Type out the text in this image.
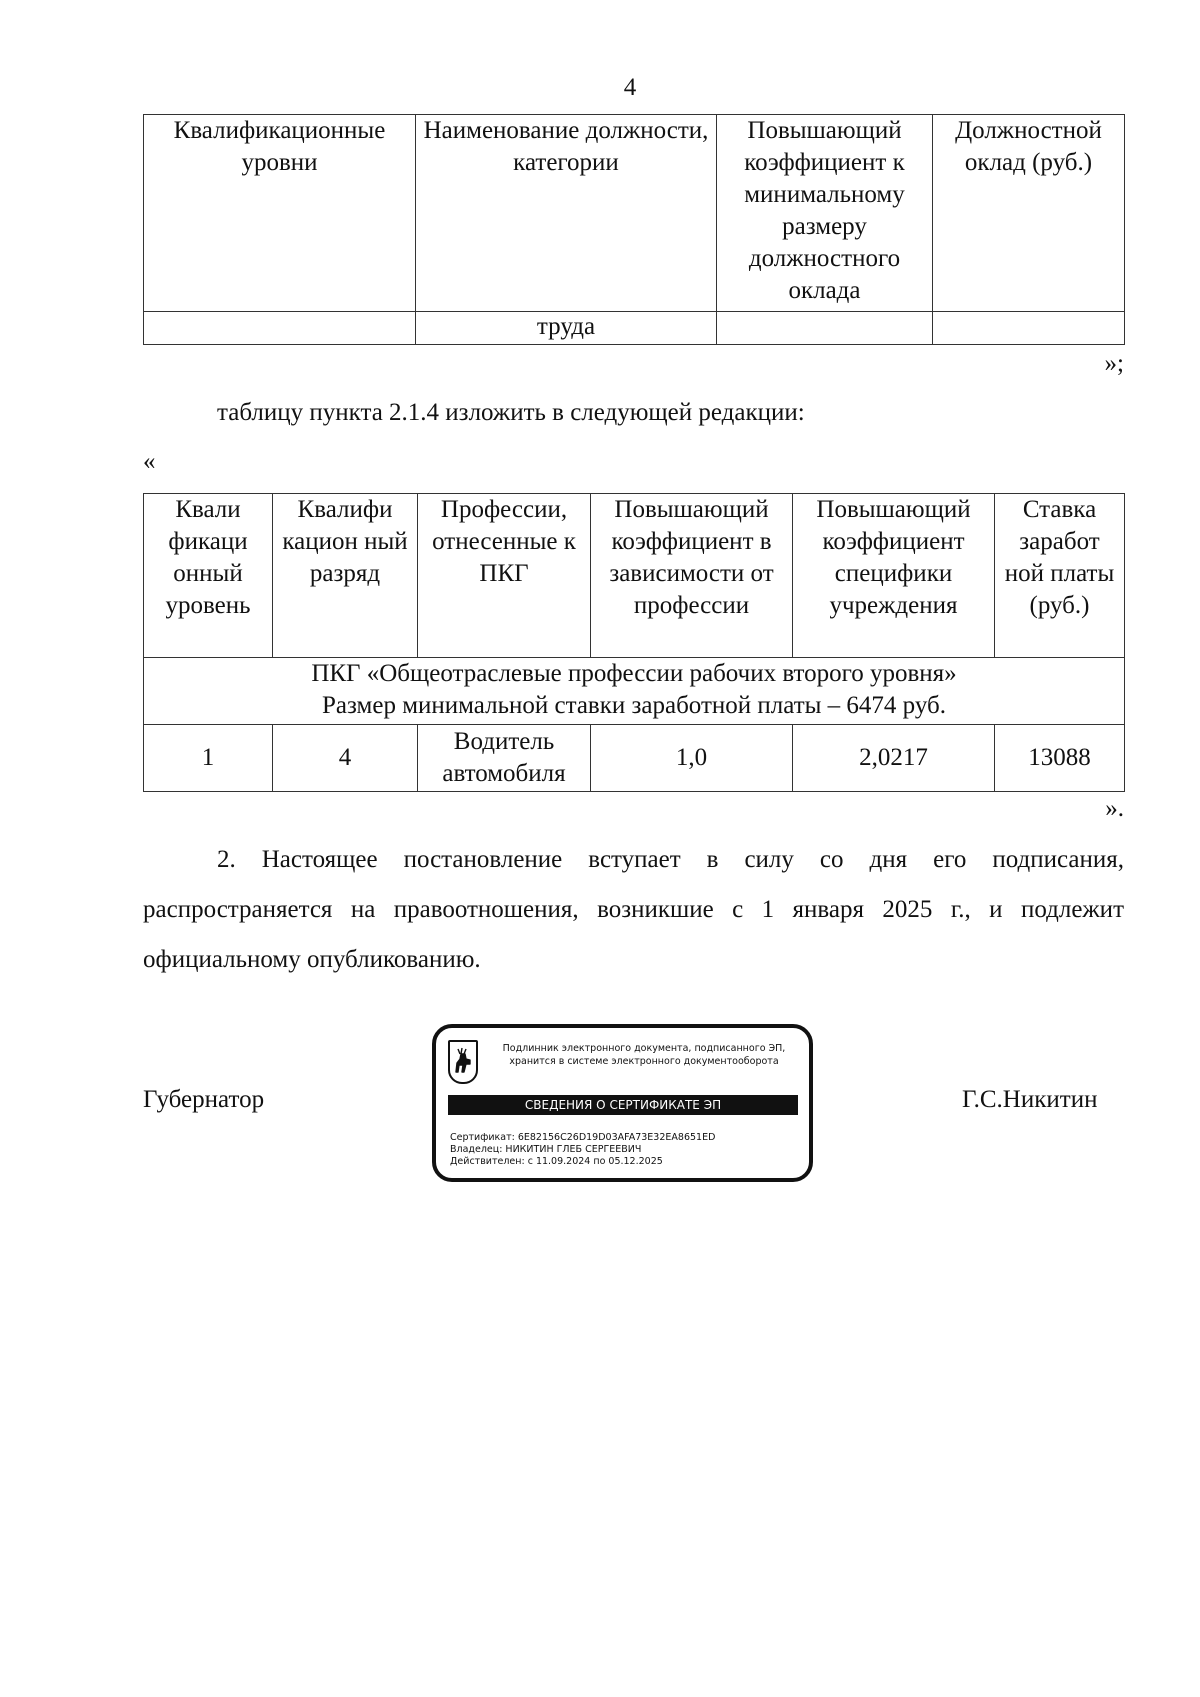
4
Квалификационные уровни	Наименование должности, категории	Повышающий коэффициент к минимальному размеру должностного оклада	Должностной оклад (руб.)
	труда		
»;
таблицу пункта 2.1.4 изложить в следующей редакции:
«
Квали фикаци онный уровень	Квалифи кацион ный разряд	Профессии, отнесенные к ПКГ	Повышающий коэффициент в зависимости от профессии	Повышающий коэффициент специфики учреждения	Ставка заработ ной платы (руб.)

ПКГ «Общеотраслевые профессии рабочих второго уровня»
Размер минимальной ставки заработной платы – 6474 руб.					

1	4	Водитель автомобиля	1,0	2,0217	13088
».
2. Настоящее постановление вступает в силу со дня его подписания, распространяется на правоотношения, возникшие с 1 января 2025 г., и подлежит официальному опубликованию.
Губернатор	Г.С.Никитин
Подлинник электронного документа, подписанного ЭП,
хранится в системе электронного документооборота
СВЕДЕНИЯ О СЕРТИФИКАТЕ ЭП
Сертификат: 6E82156C26D19D03AFA73E32EA8651ED
Владелец: НИКИТИН ГЛЕБ СЕРГЕЕВИЧ
Действителен: с 11.09.2024 по 05.12.2025
